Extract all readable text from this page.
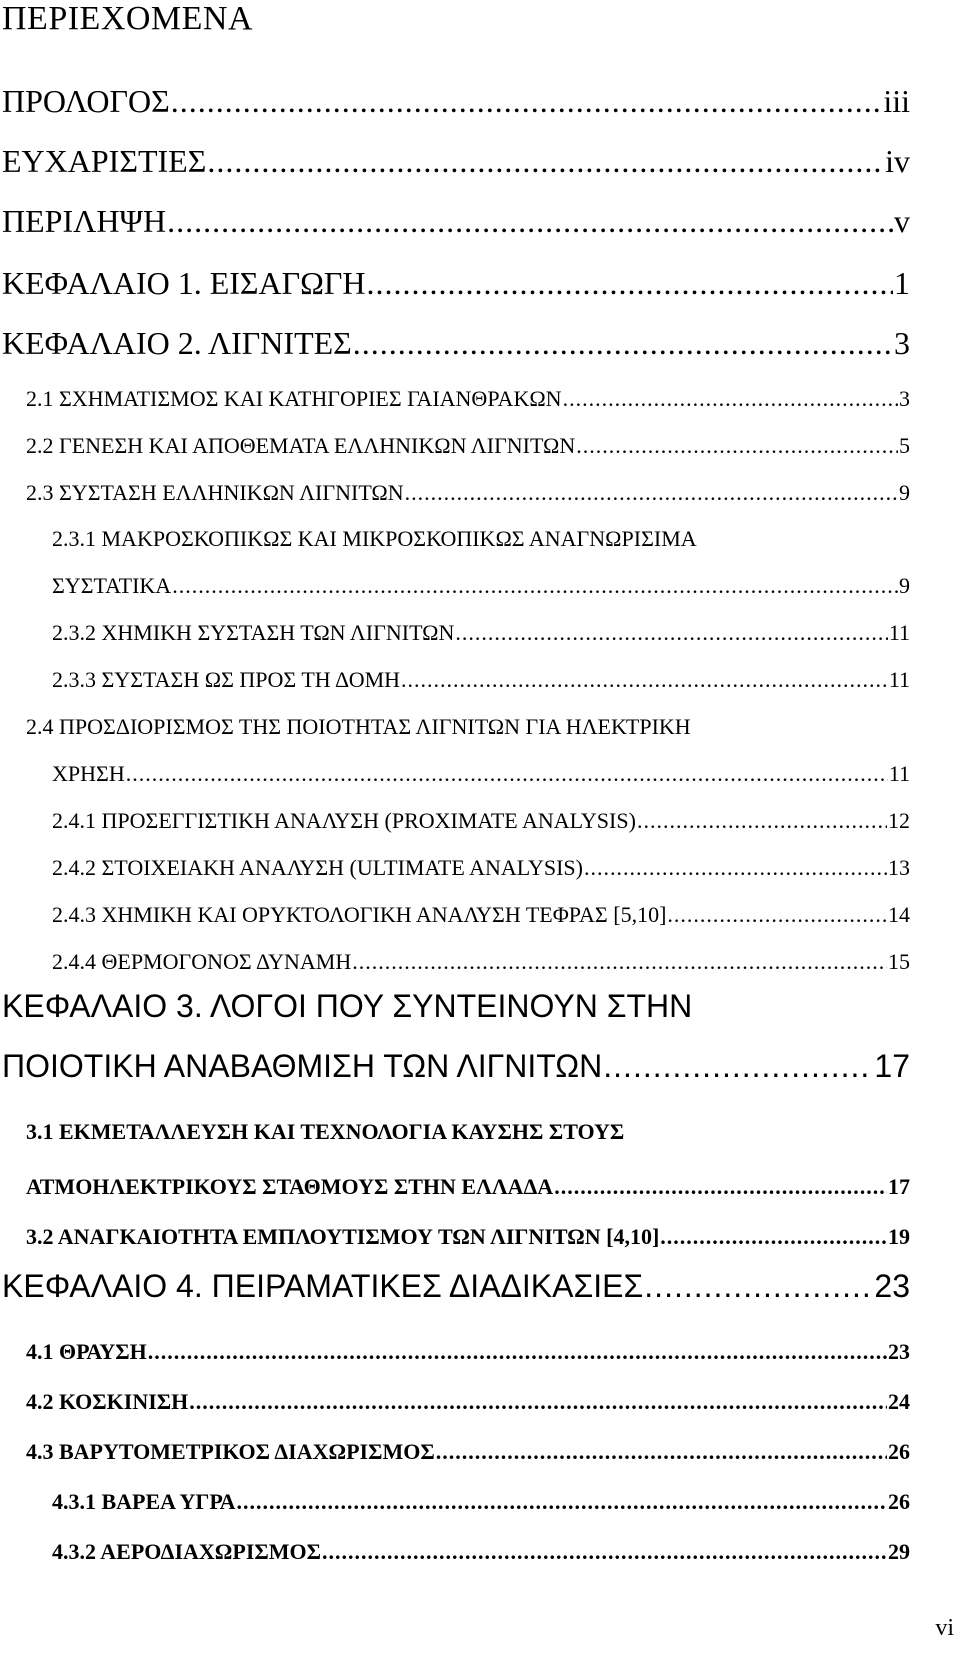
ΠΕΡΙΕΧΟΜΕΝΑ
ΠΡΟΛΟΓΟΣ .....	iii
ΕΥΧΑΡΙΣΤΙΕΣ .....	iv
ΠΕΡΙΛΗΨΗ .....	v
ΚΕΦΑΛΑΙΟ 1. ΕΙΣΑΓΩΓΗ .....	1
ΚΕΦΑΛΑΙΟ 2. ΛΙΓΝΙΤΕΣ .....	3
2.1 ΣΧΗΜΑΤΙΣΜΟΣ ΚΑΙ ΚΑΤΗΓΟΡΙΕΣ ΓΑΙΑΝΘΡΑΚΩΝ .....	3
2.2 ΓΕΝΕΣΗ ΚΑΙ ΑΠΟΘΕΜΑΤΑ ΕΛΛΗΝΙΚΩΝ ΛΙΓΝΙΤΩΝ .....	5
2.3 ΣΥΣΤΑΣΗ ΕΛΛΗΝΙΚΩΝ ΛΙΓΝΙΤΩΝ .....	9
2.3.1 ΜΑΚΡΟΣΚΟΠΙΚΩΣ ΚΑΙ ΜΙΚΡΟΣΚΟΠΙΚΩΣ ΑΝΑΓΝΩΡΙΣΙΜΑ
ΣΥΣΤΑΤΙΚΑ .....	9
2.3.2 ΧΗΜΙΚΗ ΣΥΣΤΑΣΗ ΤΩΝ ΛΙΓΝΙΤΩΝ .....	11
2.3.3 ΣΥΣΤΑΣΗ ΩΣ ΠΡΟΣ ΤΗ ΔΟΜΗ .....	11
2.4 ΠΡΟΣΔΙΟΡΙΣΜΟΣ ΤΗΣ ΠΟΙΟΤΗΤΑΣ ΛΙΓΝΙΤΩΝ ΓΙΑ ΗΛΕΚΤΡΙΚΗ
ΧΡΗΣΗ .....	11
2.4.1 ΠΡΟΣΕΓΓΙΣΤΙΚΗ ΑΝΑΛΥΣΗ (PROXIMATE ANALYSIS) .....	12
2.4.2 ΣΤΟΙΧΕΙΑΚΗ ΑΝΑΛΥΣΗ (ULTIMATE ANALYSIS) .....	13
2.4.3 ΧΗΜΙΚΗ ΚΑΙ ΟΡΥΚΤΟΛΟΓΙΚΗ ΑΝΑΛΥΣΗ ΤΕΦΡΑΣ [5,10] .....	14
2.4.4 ΘΕΡΜΟΓΟΝΟΣ ΔΥΝΑΜΗ .....	15
ΚΕΦΑΛΑΙΟ 3. ΛΟΓΟΙ ΠΟΥ ΣΥΝΤΕΙΝΟΥΝ ΣΤΗΝ
ΠΟΙΟΤΙΚΗ ΑΝΑΒΑΘΜΙΣΗ ΤΩΝ ΛΙΓΝΙΤΩΝ .....	17
3.1 ΕΚΜΕΤΑΛΛΕΥΣΗ ΚΑΙ ΤΕΧΝΟΛΟΓΙΑ ΚΑΥΣΗΣ ΣΤΟΥΣ
ΑΤΜΟΗΛΕΚΤΡΙΚΟΥΣ ΣΤΑΘΜΟΥΣ ΣΤΗΝ ΕΛΛΑΔΑ .....	17
3.2 ΑΝΑΓΚΑΙΟΤΗΤΑ ΕΜΠΛΟΥΤΙΣΜΟΥ ΤΩΝ ΛΙΓΝΙΤΩΝ [4,10] .....	19
ΚΕΦΑΛΑΙΟ 4. ΠΕΙΡΑΜΑΤΙΚΕΣ ΔΙΑΔΙΚΑΣΙΕΣ .....	23
4.1 ΘΡΑΥΣΗ .....	23
4.2 ΚΟΣΚΙΝΙΣΗ .....	24
4.3 ΒΑΡΥΤΟΜΕΤΡΙΚΟΣ ΔΙΑΧΩΡΙΣΜΟΣ .....	26
4.3.1 ΒΑΡΕΑ ΥΓΡΑ .....	26
4.3.2 ΑΕΡΟΔΙΑΧΩΡΙΣΜΟΣ .....	29
vi
